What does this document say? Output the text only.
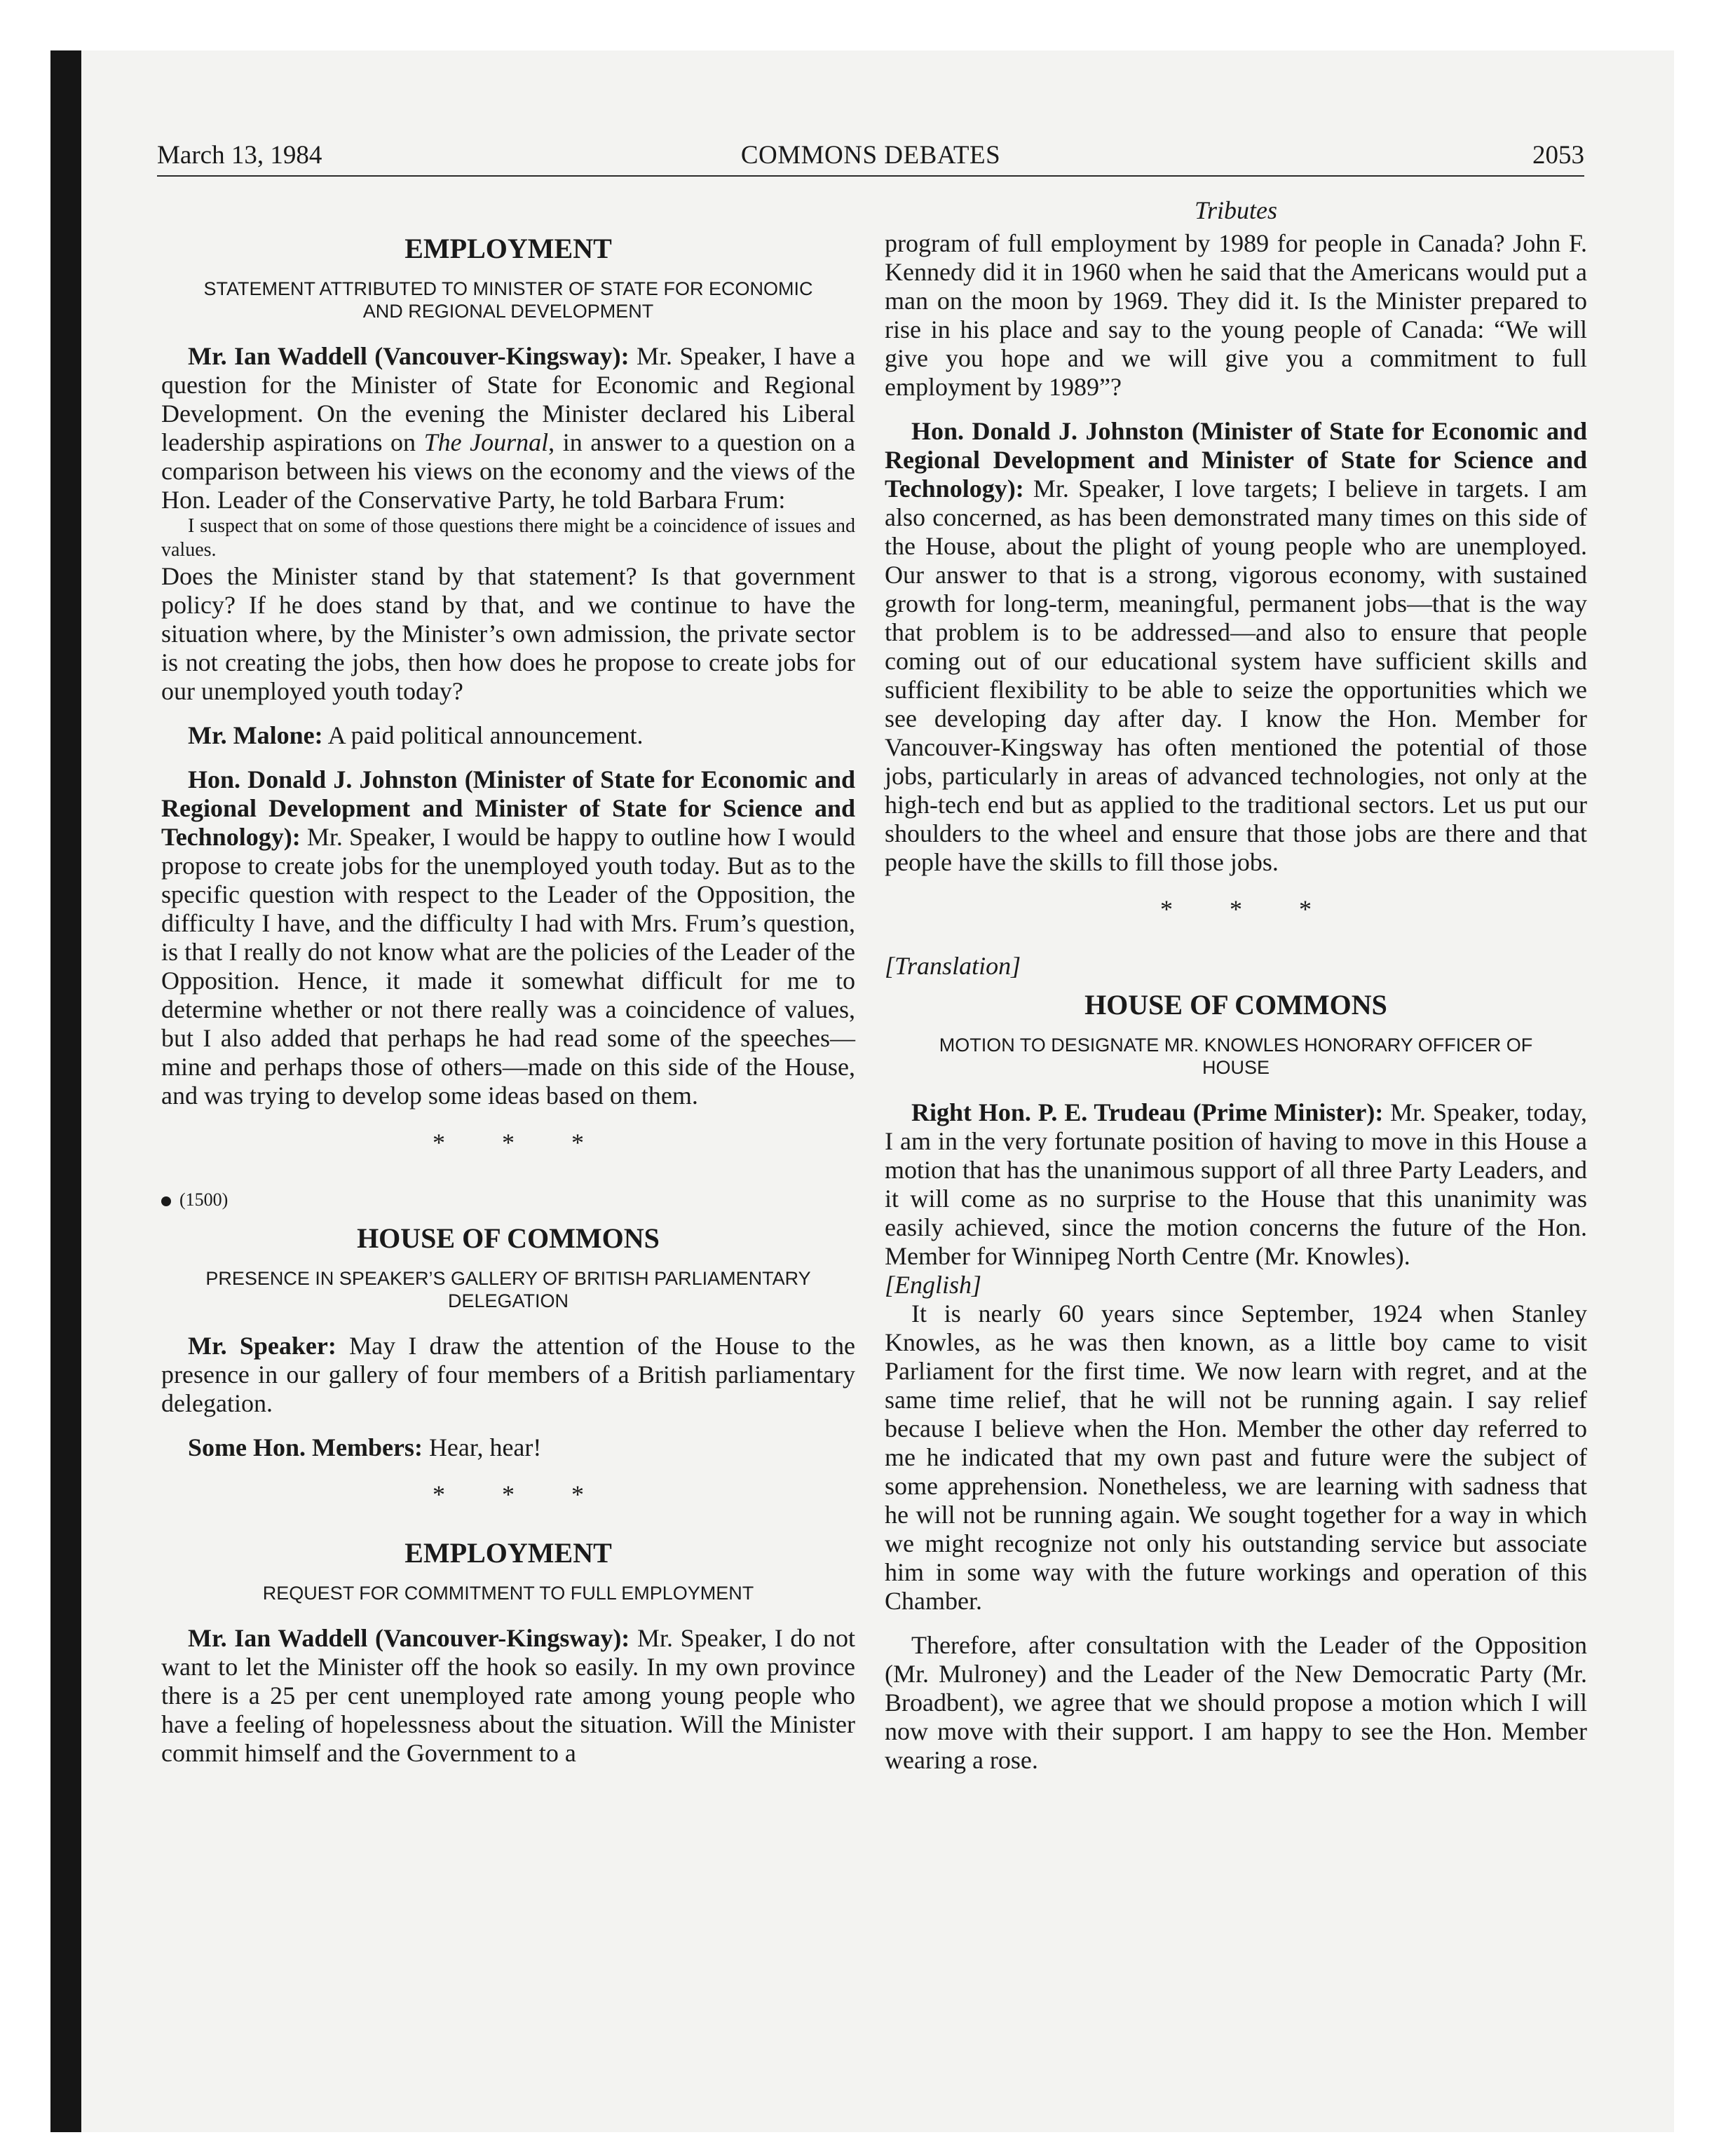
March 13, 1984	COMMONS DEBATES	2053
EMPLOYMENT
STATEMENT ATTRIBUTED TO MINISTER OF STATE FOR ECONOMIC AND REGIONAL DEVELOPMENT

Mr. Ian Waddell (Vancouver-Kingsway): Mr. Speaker, I have a question for the Minister of State for Economic and Regional Development. On the evening the Minister declared his Liberal leadership aspirations on The Journal, in answer to a question on a comparison between his views on the economy and the views of the Hon. Leader of the Conservative Party, he told Barbara Frum:

I suspect that on some of those questions there might be a coincidence of issues and values.

Does the Minister stand by that statement? Is that government policy? If he does stand by that, and we continue to have the situation where, by the Minister’s own admission, the private sector is not creating the jobs, then how does he propose to create jobs for our unemployed youth today?

Mr. Malone: A paid political announcement.

Hon. Donald J. Johnston (Minister of State for Economic and Regional Development and Minister of State for Science and Technology): Mr. Speaker, I would be happy to outline how I would propose to create jobs for the unemployed youth today. But as to the specific question with respect to the Leader of the Opposition, the difficulty I have, and the difficulty I had with Mrs. Frum’s question, is that I really do not know what are the policies of the Leader of the Opposition. Hence, it made it somewhat difficult for me to determine whether or not there really was a coincidence of values, but I also added that perhaps he had read some of the speeches—mine and perhaps those of others—made on this side of the House, and was trying to develop some ideas based on them.

* * *
(1500)
HOUSE OF COMMONS
PRESENCE IN SPEAKER’S GALLERY OF BRITISH PARLIAMENTARY DELEGATION

Mr. Speaker: May I draw the attention of the House to the presence in our gallery of four members of a British parliamentary delegation.

Some Hon. Members: Hear, hear!

* * *
EMPLOYMENT
REQUEST FOR COMMITMENT TO FULL EMPLOYMENT

Mr. Ian Waddell (Vancouver-Kingsway): Mr. Speaker, I do not want to let the Minister off the hook so easily. In my own province there is a 25 per cent unemployed rate among young people who have a feeling of hopelessness about the situation. Will the Minister commit himself and the Government to a

Tributes

program of full employment by 1989 for people in Canada? John F. Kennedy did it in 1960 when he said that the Americans would put a man on the moon by 1969. They did it. Is the Minister prepared to rise in his place and say to the young people of Canada: “We will give you hope and we will give you a commitment to full employment by 1989”?

Hon. Donald J. Johnston (Minister of State for Economic and Regional Development and Minister of State for Science and Technology): Mr. Speaker, I love targets; I believe in targets. I am also concerned, as has been demonstrated many times on this side of the House, about the plight of young people who are unemployed. Our answer to that is a strong, vigorous economy, with sustained growth for long-term, meaningful, permanent jobs—that is the way that problem is to be addressed—and also to ensure that people coming out of our educational system have sufficient skills and sufficient flexibility to be able to seize the opportunities which we see developing day after day. I know the Hon. Member for Vancouver-Kingsway has often mentioned the potential of those jobs, particularly in areas of advanced technologies, not only at the high-tech end but as applied to the traditional sectors. Let us put our shoulders to the wheel and ensure that those jobs are there and that people have the skills to fill those jobs.

* * *

[Translation]

HOUSE OF COMMONS
MOTION TO DESIGNATE MR. KNOWLES HONORARY OFFICER OF HOUSE

Right Hon. P. E. Trudeau (Prime Minister): Mr. Speaker, today, I am in the very fortunate position of having to move in this House a motion that has the unanimous support of all three Party Leaders, and it will come as no surprise to the House that this unanimity was easily achieved, since the motion concerns the future of the Hon. Member for Winnipeg North Centre (Mr. Knowles).

[English]

It is nearly 60 years since September, 1924 when Stanley Knowles, as he was then known, as a little boy came to visit Parliament for the first time. We now learn with regret, and at the same time relief, that he will not be running again. I say relief because I believe when the Hon. Member the other day referred to me he indicated that my own past and future were the subject of some apprehension. Nonetheless, we are learning with sadness that he will not be running again. We sought together for a way in which we might recognize not only his outstanding service but associate him in some way with the future workings and operation of this Chamber.

Therefore, after consultation with the Leader of the Opposition (Mr. Mulroney) and the Leader of the New Democratic Party (Mr. Broadbent), we agree that we should propose a motion which I will now move with their support. I am happy to see the Hon. Member wearing a rose.
